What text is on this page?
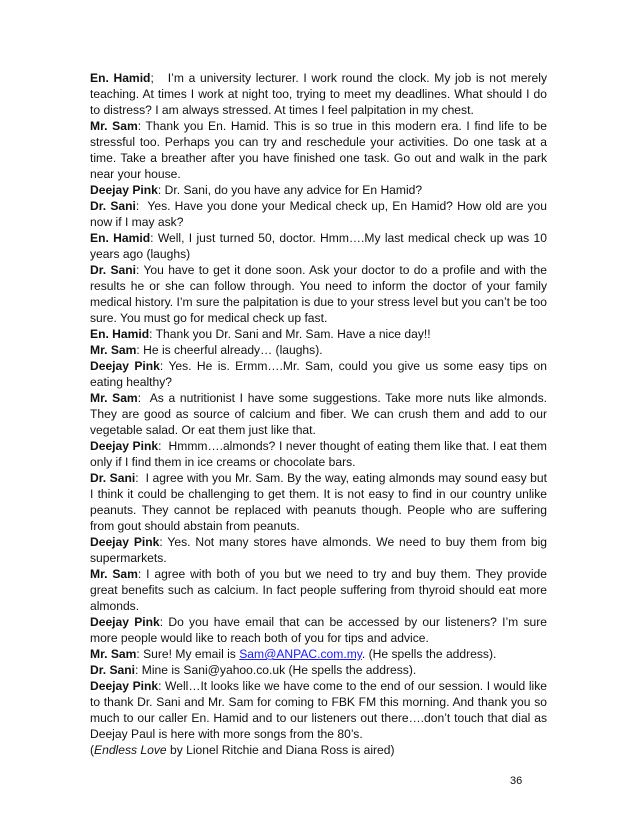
En. Hamid;   I’m a university lecturer. I work round the clock. My job is not merely teaching. At times I work at night too, trying to meet my deadlines. What should I do to distress? I am always stressed. At times I feel palpitation in my chest.

Mr. Sam: Thank you En. Hamid. This is so true in this modern era. I find life to be stressful too. Perhaps you can try and reschedule your activities. Do one task at a time. Take a breather after you have finished one task. Go out and walk in the park near your house.

Deejay Pink: Dr. Sani, do you have any advice for En Hamid?

Dr. Sani:  Yes. Have you done your Medical check up, En Hamid? How old are you now if I may ask?

En. Hamid: Well, I just turned 50, doctor. Hmm….My last medical check up was 10 years ago (laughs)

Dr. Sani: You have to get it done soon. Ask your doctor to do a profile and with the results he or she can follow through. You need to inform the doctor of your family medical history. I’m sure the palpitation is due to your stress level but you can’t be too sure. You must go for medical check up fast.

En. Hamid: Thank you Dr. Sani and Mr. Sam. Have a nice day!!

Mr. Sam: He is cheerful already… (laughs).

Deejay Pink: Yes. He is. Ermm….Mr. Sam, could you give us some easy tips on eating healthy?

Mr. Sam:  As a nutritionist I have some suggestions. Take more nuts like almonds. They are good as source of calcium and fiber. We can crush them and add to our vegetable salad. Or eat them just like that.

Deejay Pink:  Hmmm….almonds? I never thought of eating them like that. I eat them only if I find them in ice creams or chocolate bars.

Dr. Sani:  I agree with you Mr. Sam. By the way, eating almonds may sound easy but I think it could be challenging to get them. It is not easy to find in our country unlike peanuts. They cannot be replaced with peanuts though. People who are suffering from gout should abstain from peanuts.

Deejay Pink: Yes. Not many stores have almonds. We need to buy them from big supermarkets.

Mr. Sam: I agree with both of you but we need to try and buy them. They provide great benefits such as calcium. In fact people suffering from thyroid should eat more almonds.

Deejay Pink: Do you have email that can be accessed by our listeners? I’m sure more people would like to reach both of you for tips and advice.

Mr. Sam: Sure! My email is Sam@ANPAC.com.my. (He spells the address).

Dr. Sani: Mine is Sani@yahoo.co.uk (He spells the address).

Deejay Pink: Well…It looks like we have come to the end of our session. I would like to thank Dr. Sani and Mr. Sam for coming to FBK FM this morning. And thank you so much to our caller En. Hamid and to our listeners out there….don’t touch that dial as Deejay Paul is here with more songs from the 80’s.

(Endless Love by Lionel Ritchie and Diana Ross is aired)

36
